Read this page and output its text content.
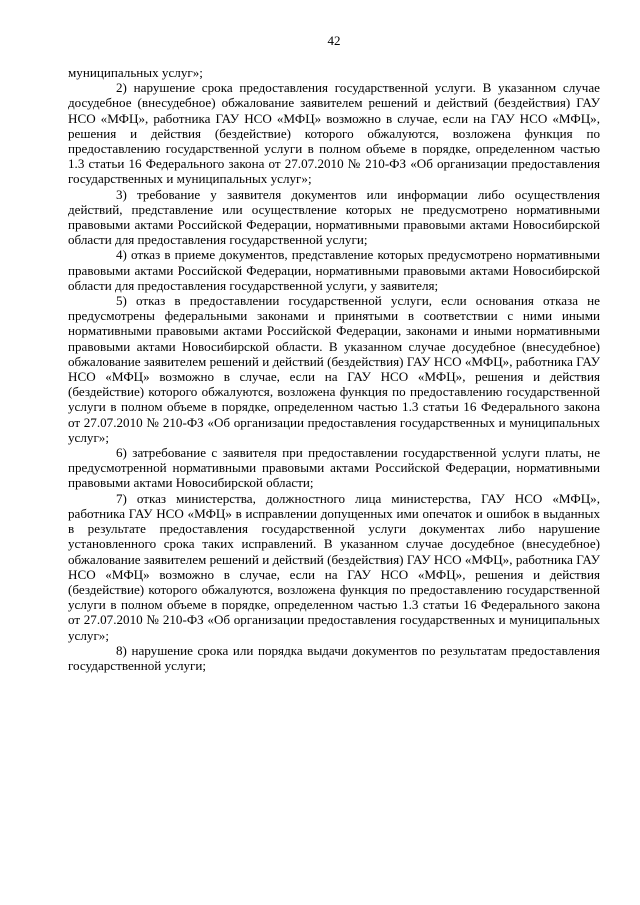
42

муниципальных услуг»;

2) нарушение срока предоставления государственной услуги. В указанном случае досудебное (внесудебное) обжалование заявителем решений и действий (бездействия) ГАУ НСО «МФЦ», работника ГАУ НСО «МФЦ» возможно в случае, если на ГАУ НСО «МФЦ», решения и действия (бездействие) которого обжалуются, возложена функция по предоставлению государственной услуги в полном объеме в порядке, определенном частью 1.3 статьи 16 Федерального закона от 27.07.2010 № 210-ФЗ «Об организации предоставления государственных и муниципальных услуг»;

3) требование у заявителя документов или информации либо осуществления действий, представление или осуществление которых не предусмотрено нормативными правовыми актами Российской Федерации, нормативными правовыми актами Новосибирской области для предоставления государственной услуги;

4) отказ в приеме документов, представление которых предусмотрено нормативными правовыми актами Российской Федерации, нормативными правовыми актами Новосибирской области для предоставления государственной услуги, у заявителя;

5) отказ в предоставлении государственной услуги, если основания отказа не предусмотрены федеральными законами и принятыми в соответствии с ними иными нормативными правовыми актами Российской Федерации, законами и иными нормативными правовыми актами Новосибирской области. В указанном случае досудебное (внесудебное) обжалование заявителем решений и действий (бездействия) ГАУ НСО «МФЦ», работника ГАУ НСО «МФЦ» возможно в случае, если на ГАУ НСО «МФЦ», решения и действия (бездействие) которого обжалуются, возложена функция по предоставлению государственной услуги в полном объеме в порядке, определенном частью 1.3 статьи 16 Федерального закона от 27.07.2010 № 210-ФЗ «Об организации предоставления государственных и муниципальных услуг»;

6) затребование с заявителя при предоставлении государственной услуги платы, не предусмотренной нормативными правовыми актами Российской Федерации, нормативными правовыми актами Новосибирской области;

7) отказ министерства, должностного лица министерства, ГАУ НСО «МФЦ», работника ГАУ НСО «МФЦ» в исправлении допущенных ими опечаток и ошибок в выданных в результате предоставления государственной услуги документах либо нарушение установленного срока таких исправлений. В указанном случае досудебное (внесудебное) обжалование заявителем решений и действий (бездействия) ГАУ НСО «МФЦ», работника ГАУ НСО «МФЦ» возможно в случае, если на ГАУ НСО «МФЦ», решения и действия (бездействие) которого обжалуются, возложена функция по предоставлению государственной услуги в полном объеме в порядке, определенном частью 1.3 статьи 16 Федерального закона от 27.07.2010 № 210-ФЗ «Об организации предоставления государственных и муниципальных услуг»;

8) нарушение срока или порядка выдачи документов по результатам предоставления государственной услуги;
